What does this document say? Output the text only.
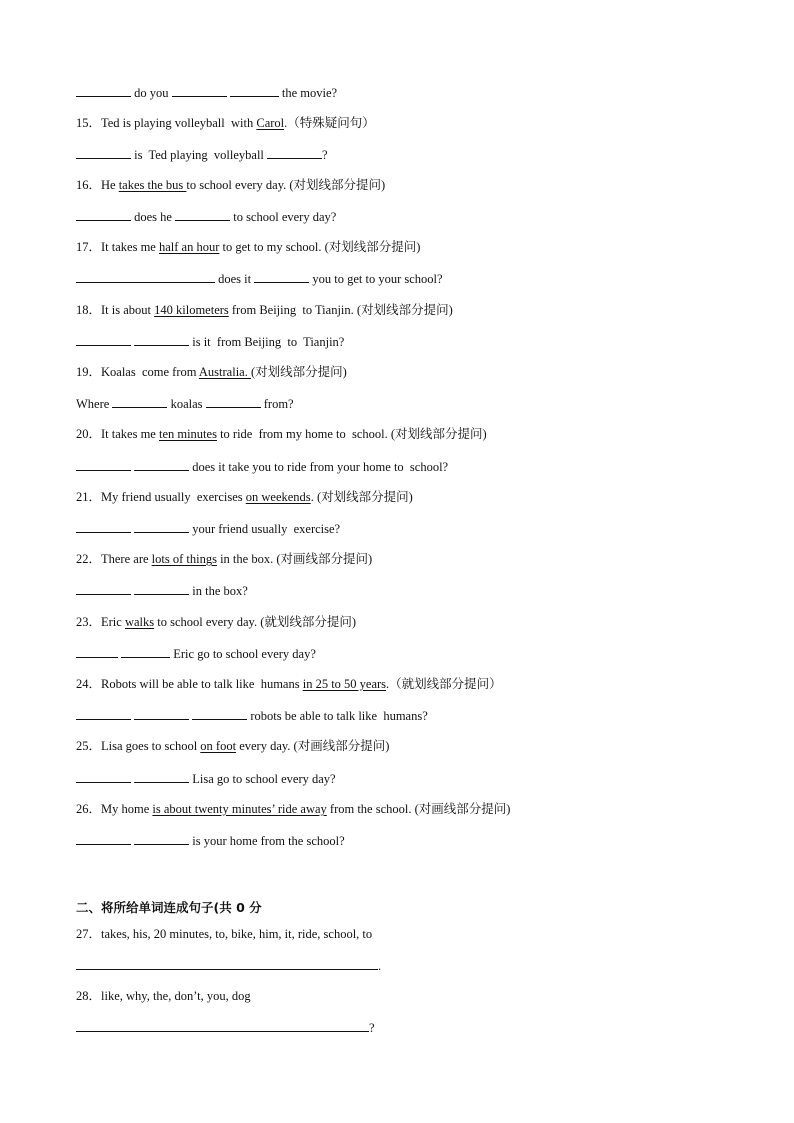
do you	the movie?
15．Ted is playing volleyball  with Carol.（特殊疑问句）
is  Ted playing  volleyball	?
16．He takes the bus to school every day. (对划线部分提问)
does he	to school every day?
17．It takes me half an hour to get to my school. (对划线部分提问)
does it	you to get to your school?
18．It is about 140 kilometers from Beijing  to Tianjin. (对划线部分提问)
is it  from Beijing  to  Tianjin?
19．Koalas  come from Australia. (对划线部分提问)
Where	koalas	from?
20．It takes me ten minutes to ride  from my home to  school. (对划线部分提问)
does it take you to ride from your home to  school?
21．My friend usually  exercises on weekends. (对划线部分提问)
your friend usually  exercise?
22．There are lots of things in the box. (对画线部分提问)
in the box?
23．Eric walks to school every day. (就划线部分提问)
Eric go to school every day?
24．Robots will be able to talk like  humans in 25 to 50 years.（就划线部分提问）
robots be able to talk like  humans?
25．Lisa goes to school on foot every day. (对画线部分提问)
Lisa go to school every day?
26．My home is about twenty minutes’ ride away from the school. (对画线部分提问)
is your home from the school?
二、将所给单词连成句子(共 0 分
27．takes, his, 20 minutes, to, bike, him, it, ride, school, to
.
28．like, why, the, don’t, you, dog
?
